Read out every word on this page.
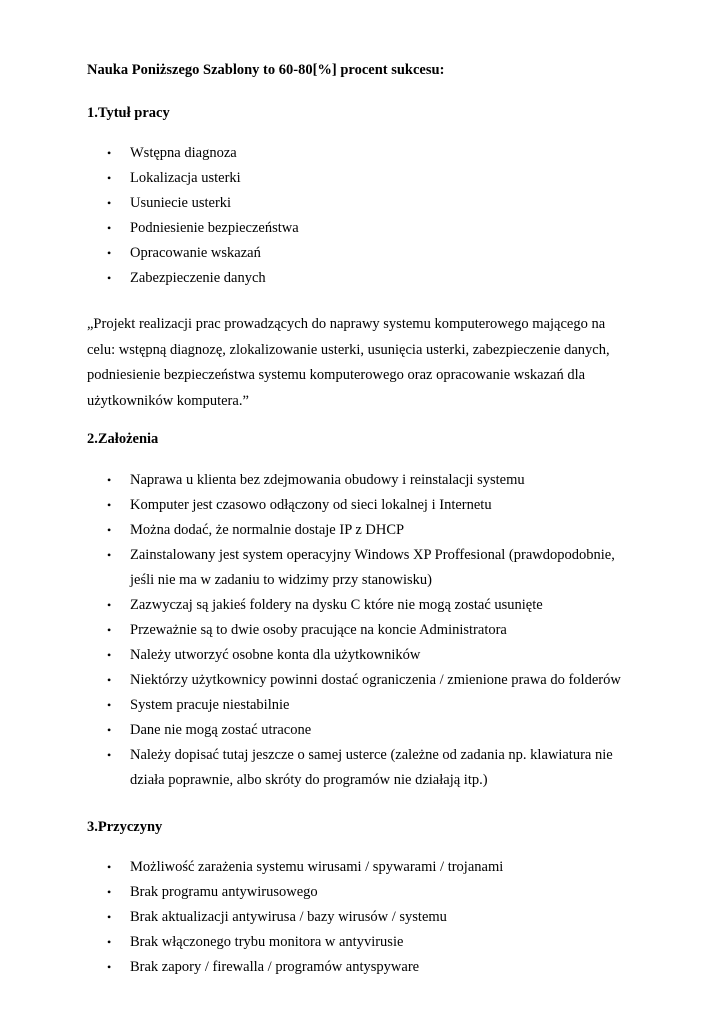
Nauka Poniższego Szablony to 60-80[%] procent sukcesu:
1.Tytuł pracy
• Wstępna diagnoza
• Lokalizacja usterki
• Usuniecie usterki
• Podniesienie bezpieczeństwa
• Opracowanie wskazań
• Zabezpieczenie danych
„Projekt realizacji prac prowadzących do naprawy systemu komputerowego mającego na
celu: wstępną diagnozę, zlokalizowanie usterki, usunięcia usterki, zabezpieczenie danych,
podniesienie bezpieczeństwa systemu komputerowego oraz opracowanie wskazań dla
użytkowników komputera.”
2.Założenia
• Naprawa u klienta bez zdejmowania obudowy i reinstalacji systemu
• Komputer jest czasowo odłączony od sieci lokalnej i Internetu
• Można dodać, że normalnie dostaje IP z DHCP
• Zainstalowany jest system operacyjny Windows XP Proffesional (prawdopodobnie,
jeśli nie ma w zadaniu to widzimy przy stanowisku)
• Zazwyczaj są jakieś foldery na dysku C które nie mogą zostać usunięte
• Przeważnie są to dwie osoby pracujące na koncie Administratora
• Należy utworzyć osobne konta dla użytkowników
• Niektórzy użytkownicy powinni dostać ograniczenia / zmienione prawa do folderów
• System pracuje niestabilnie
• Dane nie mogą zostać utracone
• Należy dopisać tutaj jeszcze o samej usterce (zależne od zadania np. klawiatura nie
działa poprawnie, albo skróty do programów nie działają itp.)
3.Przyczyny
• Możliwość zarażenia systemu wirusami / spywarami / trojanami
• Brak programu antywirusowego
• Brak aktualizacji antywirusa / bazy wirusów / systemu
• Brak włączonego trybu monitora w antyvirusie
• Brak zapory / firewalla / programów antyspyware
